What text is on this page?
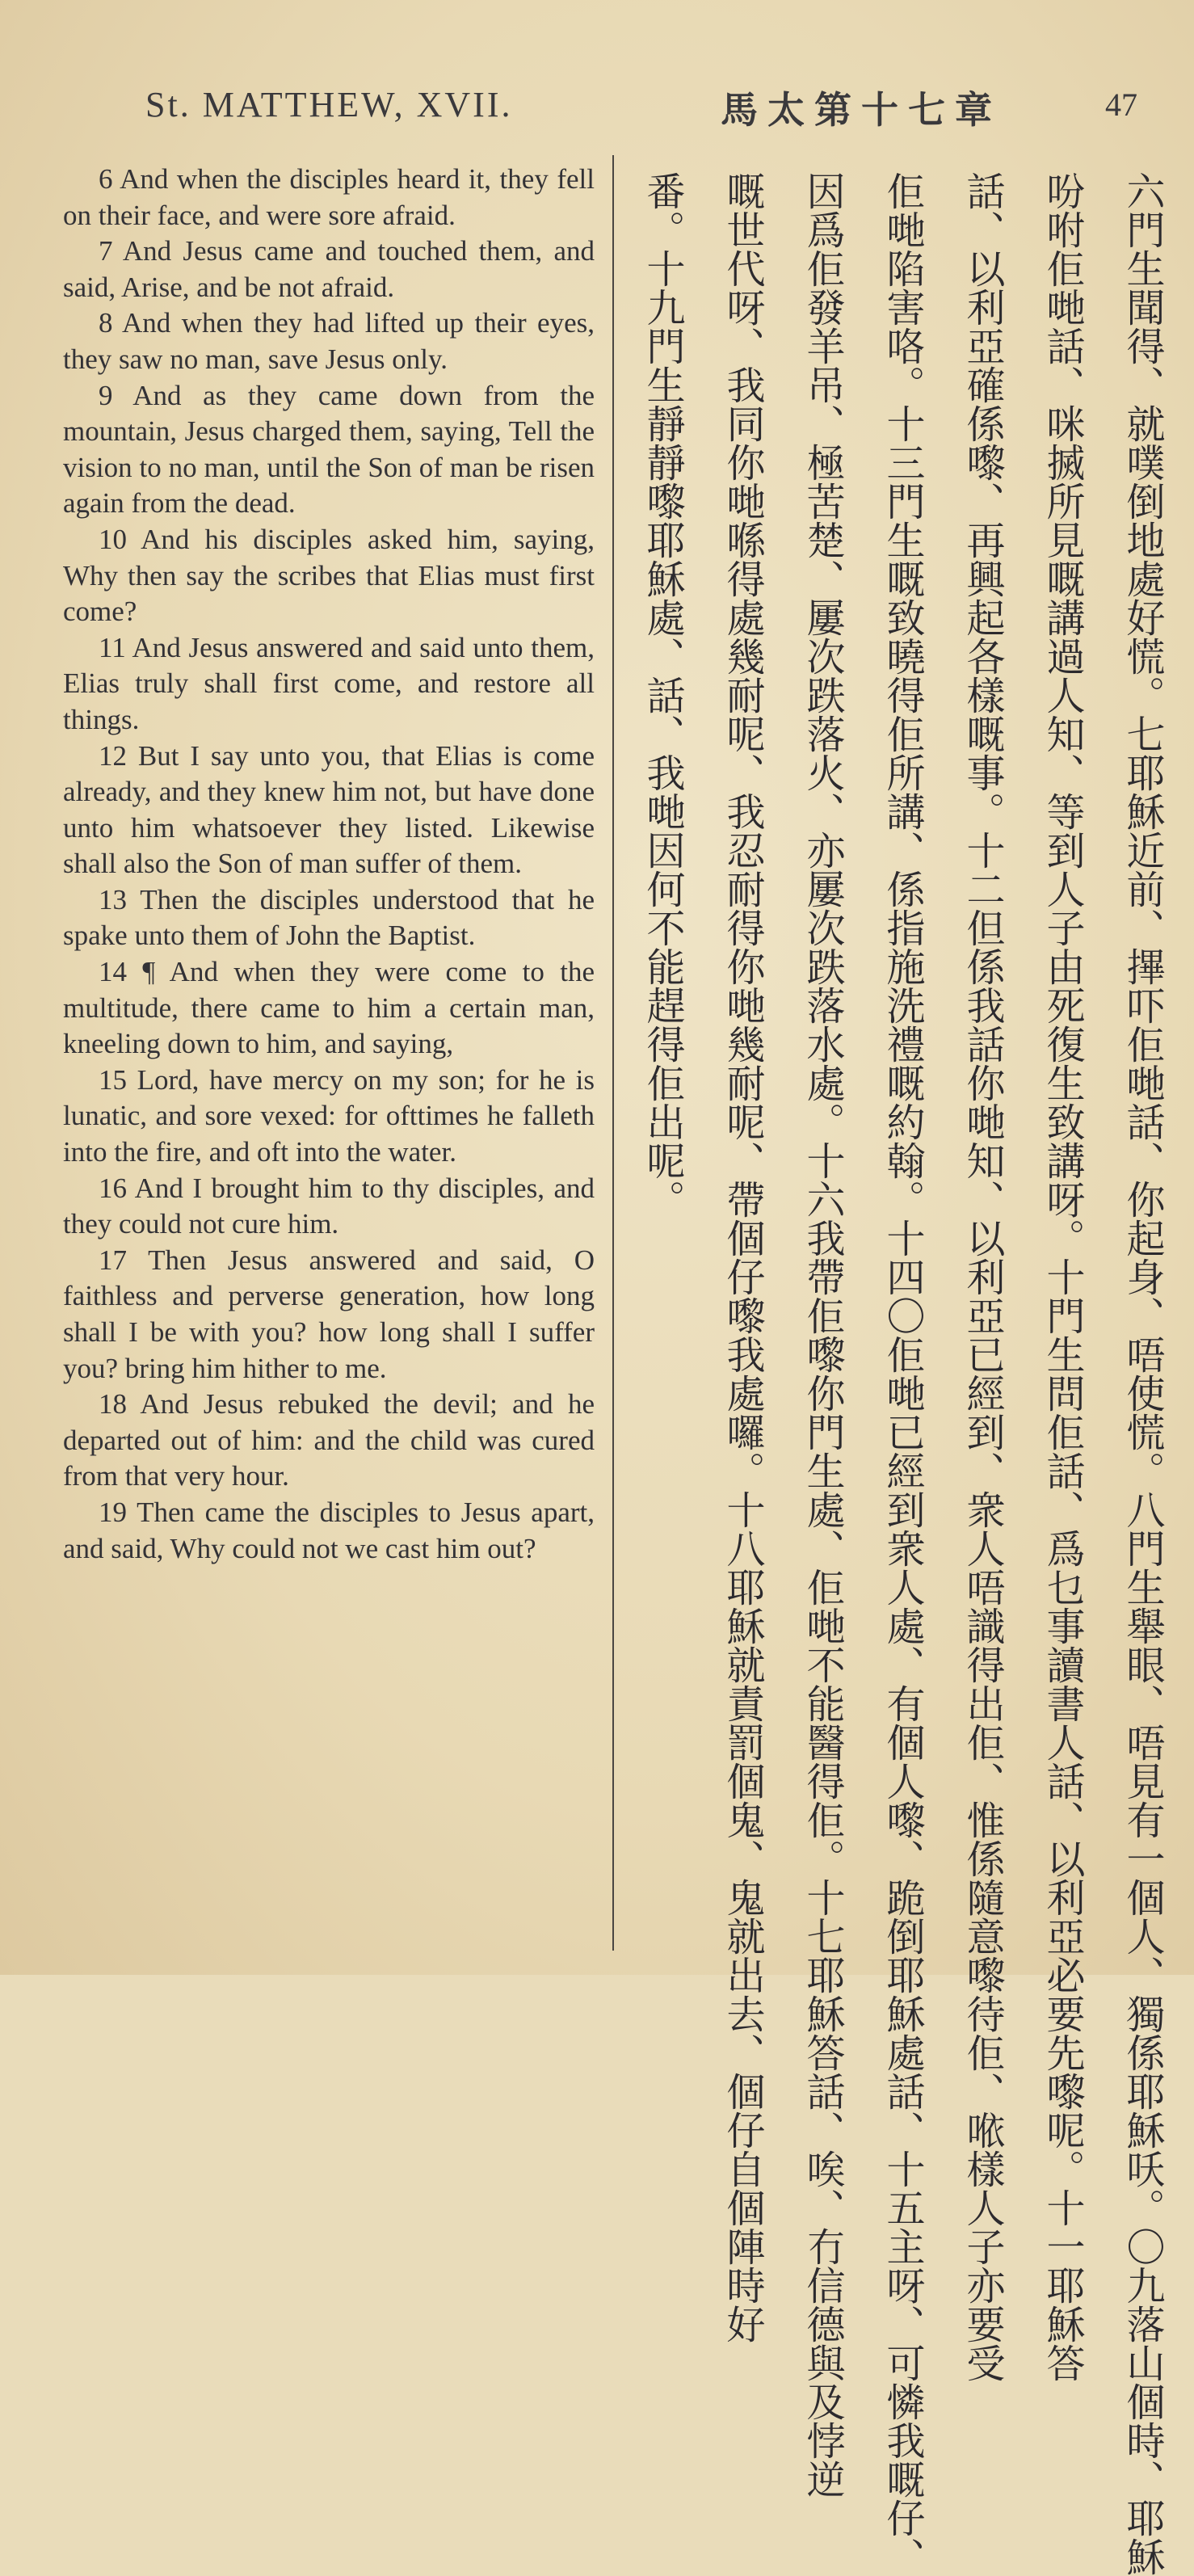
St. MATTHEW, XVII.	馬太第十七章	47

6 And when the disciples heard it, they fell on their face, and were sore afraid.

7 And Jesus came and touched them, and said, Arise, and be not afraid.

8 And when they had lifted up their eyes, they saw no man, save Jesus only.

9 And as they came down from the mountain, Jesus charged them, saying, Tell the vision to no man, until the Son of man be risen again from the dead.

10 And his disciples asked him, saying, Why then say the scribes that Elias must first come?

11 And Jesus answered and said unto them, Elias truly shall first come, and restore all things.

12 But I say unto you, that Elias is come already, and they knew him not, but have done unto him whatsoever they listed. Likewise shall also the Son of man suffer of them.

13 Then the disciples understood that he spake unto them of John the Baptist.

14 ¶ And when they were come to the multitude, there came to him a certain man, kneeling down to him, and saying,

15 Lord, have mercy on my son; for he is lunatic, and sore vexed: for ofttimes he falleth into the fire, and oft into the water.

16 And I brought him to thy disciples, and they could not cure him.

17 Then Jesus answered and said, O faithless and perverse generation, how long shall I be with you? how long shall I suffer you? bring him hither to me.

18 And Jesus rebuked the devil; and he departed out of him: and the child was cured from that very hour.

19 Then came the disciples to Jesus apart, and said, Why could not we cast him out?	六門生聞得、就噗倒地處好慌。七耶穌近前、𢳂吓佢哋話、你起身、唔使慌。八門生舉眼、唔見有一個人、獨係耶穌㕭。〇九落山個時、耶穌
吩咐佢哋話、咪搣所見嘅講過人知、等到人子由死復生致講呀。十門生問佢話、爲乜事讀書人話、以利亞必要先嚟呢。十一耶穌答
話、以利亞確係嚟、再興起各樣嘅事。十二但係我話你哋知、以利亞已經到、衆人唔識得出佢、惟係隨意嚟待佢、𠵱樣人子亦要受
佢哋陷害咯。十三門生嘅致曉得佢所講、係指施洗禮嘅約翰。十四〇佢哋已經到衆人處、有個人嚟、跪倒耶穌處話、十五主呀、可憐我嘅仔、
因爲佢發羊吊、極苦楚、屢次跌落火、亦屢次跌落水處。十六我帶佢嚟你門生處、佢哋不能醫得佢。十七耶穌答話、唉、冇信德與及悖逆
嘅世代呀、我同你哋喺得處幾耐呢、我忍耐得你哋幾耐呢、帶個仔嚟我處囉。十八耶穌就責罰個鬼、鬼就出去、個仔自個陣時好
番。十九門生靜靜嚟耶穌處、話、我哋因何不能趕得佢出呢。
